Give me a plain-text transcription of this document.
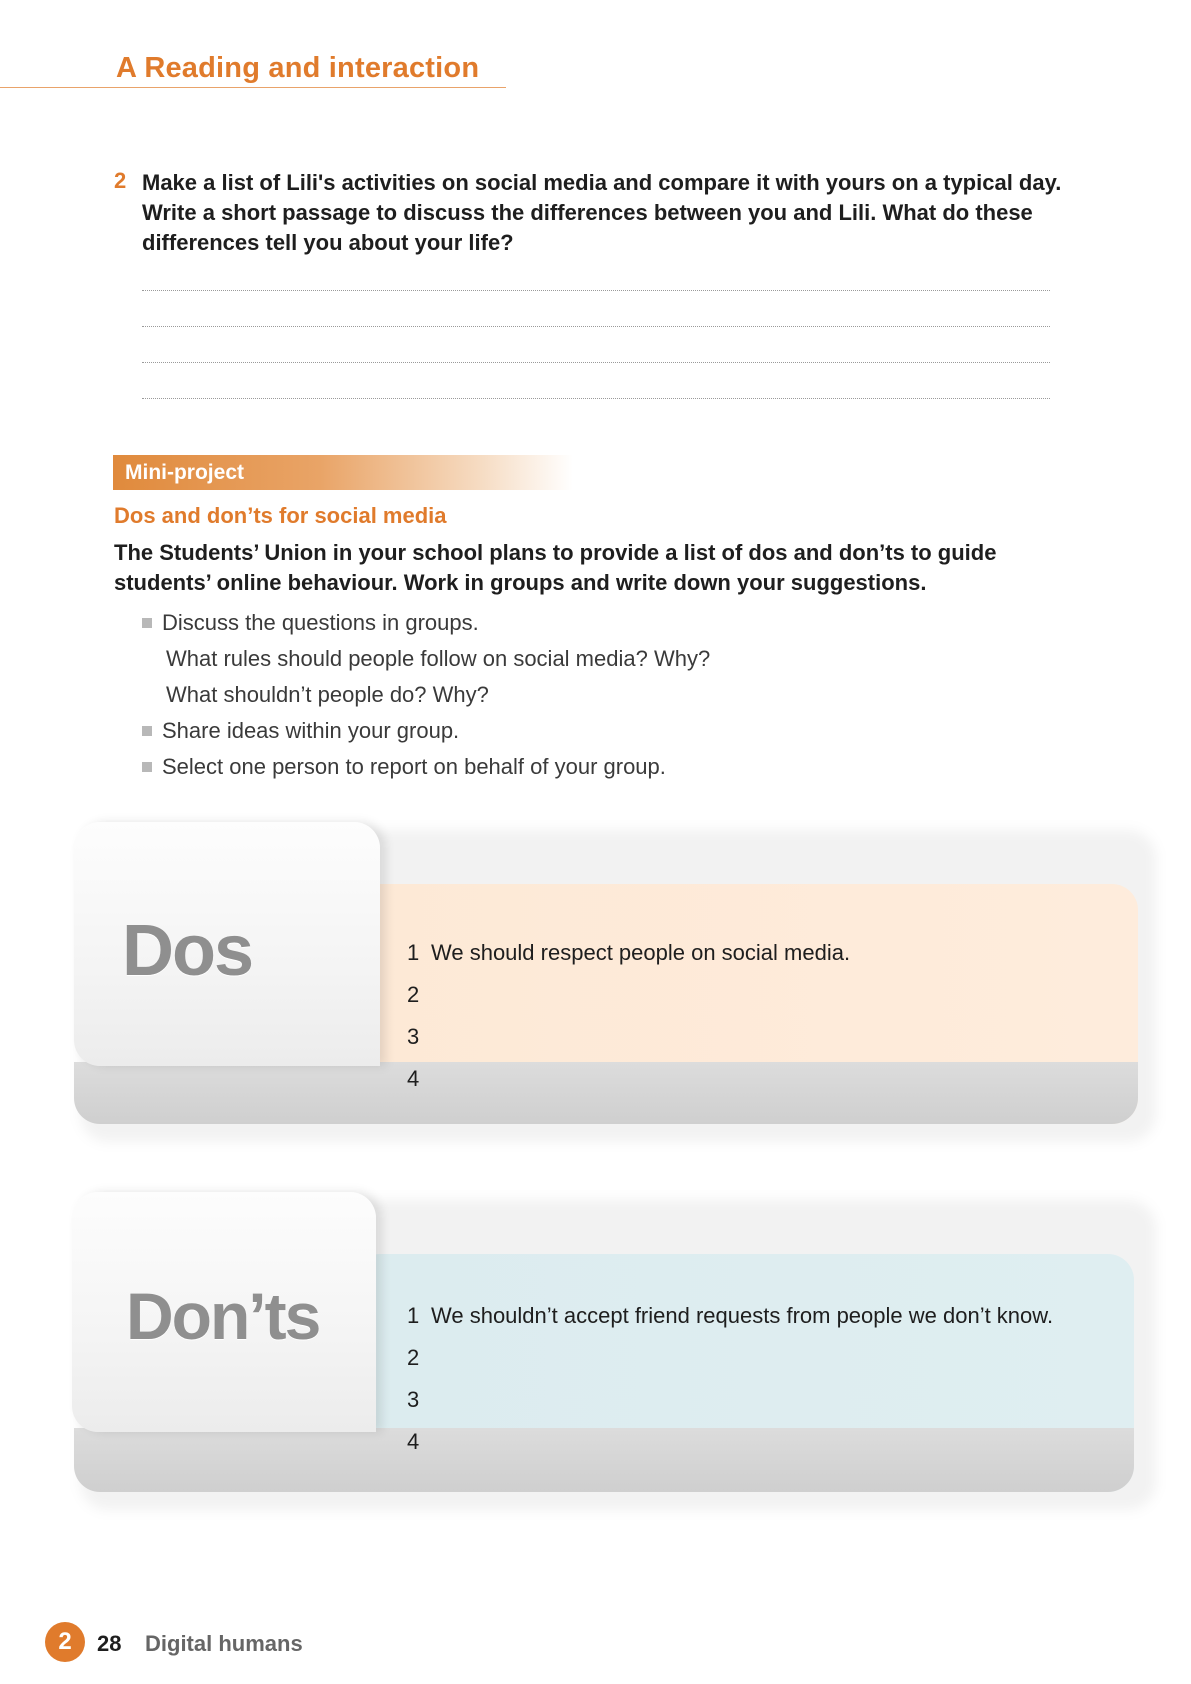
A Reading and interaction
2 Make a list of Lili's activities on social media and compare it with yours on a typical day. Write a short passage to discuss the differences between you and Lili. What do these differences tell you about your life?

Mini-project
Dos and don’ts for social media

The Students’ Union in your school plans to provide a list of dos and don’ts to guide students’ online behaviour. Work in groups and write down your suggestions.

Discuss the questions in groups.
What rules should people follow on social media? Why?
What shouldn’t people do? Why?
Share ideas within your group.
Select one person to report on behalf of your group.
Dos	1 We should respect people on social media.
2
3
4
Don’ts	1 We shouldn’t accept friend requests from people we don’t know.
2
3
4
2	28 Digital humans
